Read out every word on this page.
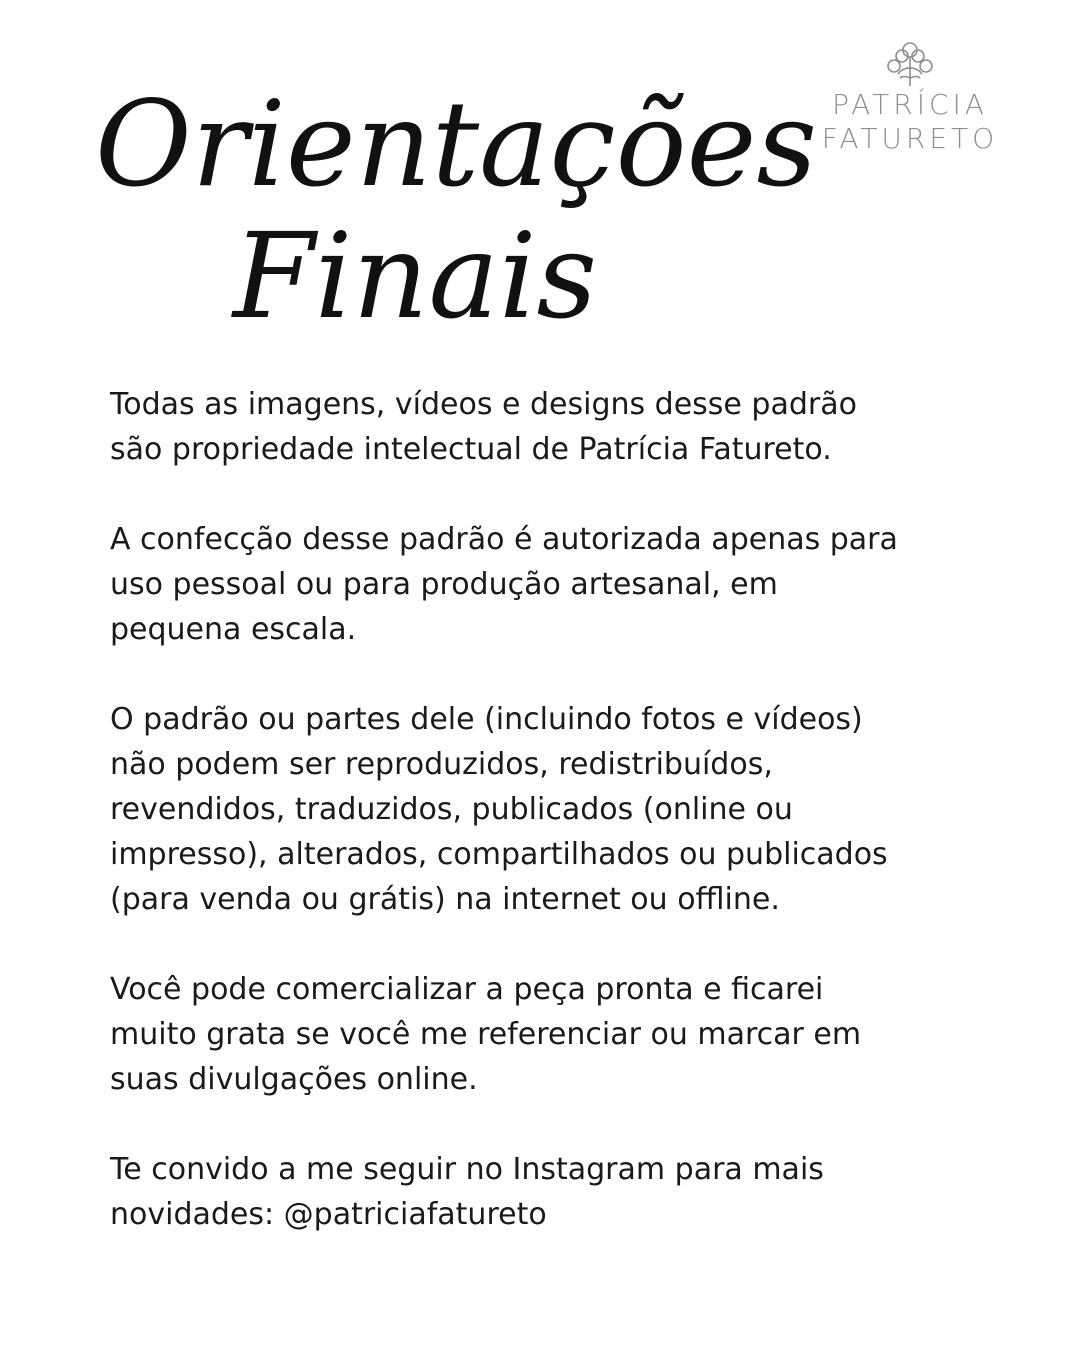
PATRÍCIA
FATURETO
Orientações
Finais

Todas as imagens, vídeos e designs desse padrão
são propriedade intelectual de Patrícia Fatureto.

A confecção desse padrão é autorizada apenas para
uso pessoal ou para produção artesanal, em
pequena escala.

O padrão ou partes dele (incluindo fotos e vídeos)
não podem ser reproduzidos, redistribuídos,
revendidos, traduzidos, publicados (online ou
impresso), alterados, compartilhados ou publicados
(para venda ou grátis) na internet ou offline.

Você pode comercializar a peça pronta e ficarei
muito grata se você me referenciar ou marcar em
suas divulgações online.

Te convido a me seguir no Instagram para mais
novidades: @patriciafatureto
